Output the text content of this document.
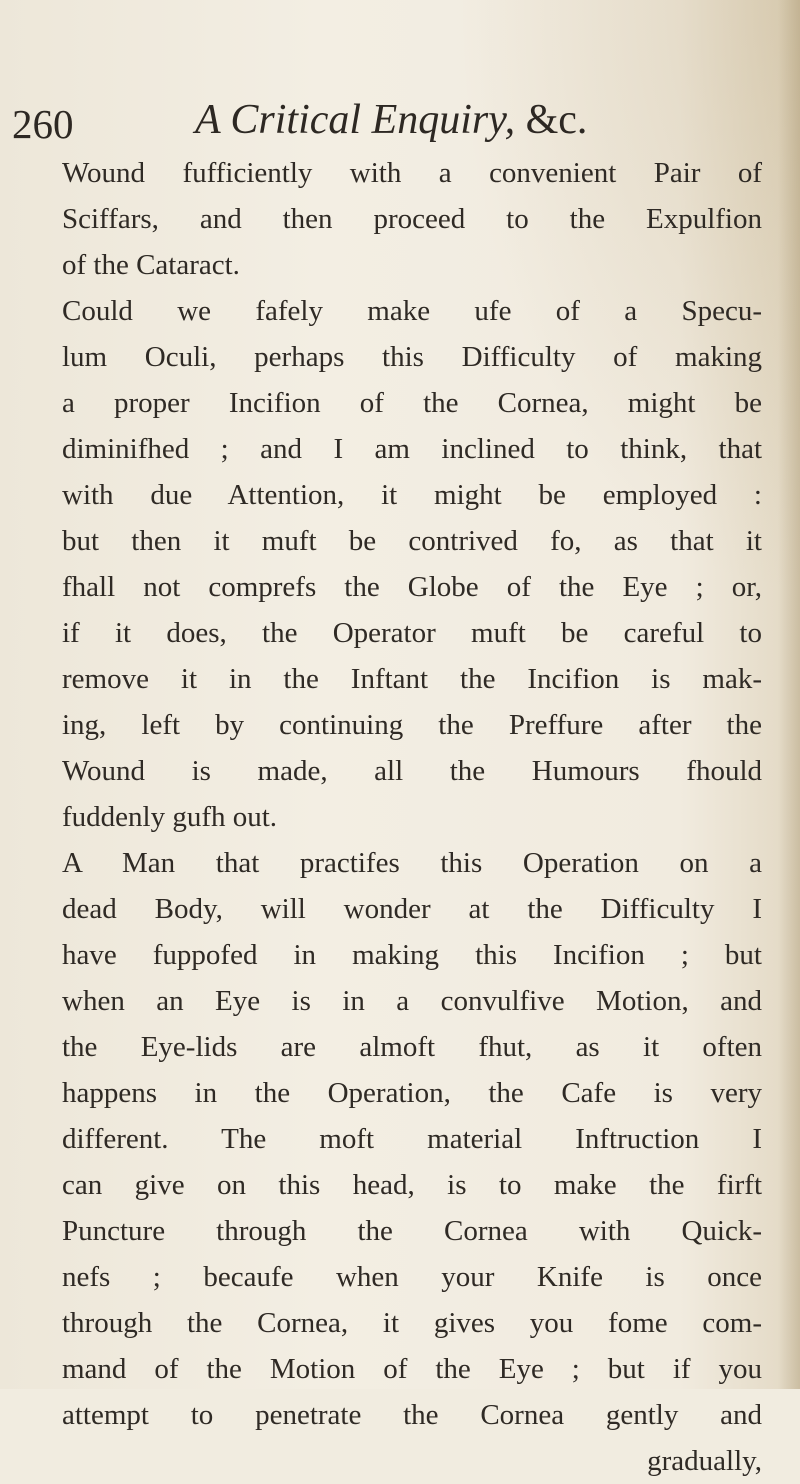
260	A Critical Enquiry, &c.
Wound fufficiently with a convenient Pair of
Sciffars, and then proceed to the Expulfion
of the Cataract.
Could we fafely make ufe of a Specu-
lum Oculi, perhaps this Difficulty of making
a proper Incifion of the Cornea, might be
diminifhed ; and I am inclined to think, that
with due Attention, it might be employed :
but then it muft be contrived fo, as that it
fhall not comprefs the Globe of the Eye ; or,
if it does, the Operator muft be careful to
remove it in the Inftant the Incifion is mak-
ing, left by continuing the Preffure after the
Wound is made, all the Humours fhould
fuddenly gufh out.
A Man that practifes this Operation on a
dead Body, will wonder at the Difficulty I
have fuppofed in making this Incifion ; but
when an Eye is in a convulfive Motion, and
the Eye-lids are almoft fhut, as it often
happens in the Operation, the Cafe is very
different. The moft material Inftruction I
can give on this head, is to make the firft
Puncture through the Cornea with Quick-
nefs ; becaufe when your Knife is once
through the Cornea, it gives you fome com-
mand of the Motion of the Eye ; but if you
attempt to penetrate the Cornea gently and
gradually,
